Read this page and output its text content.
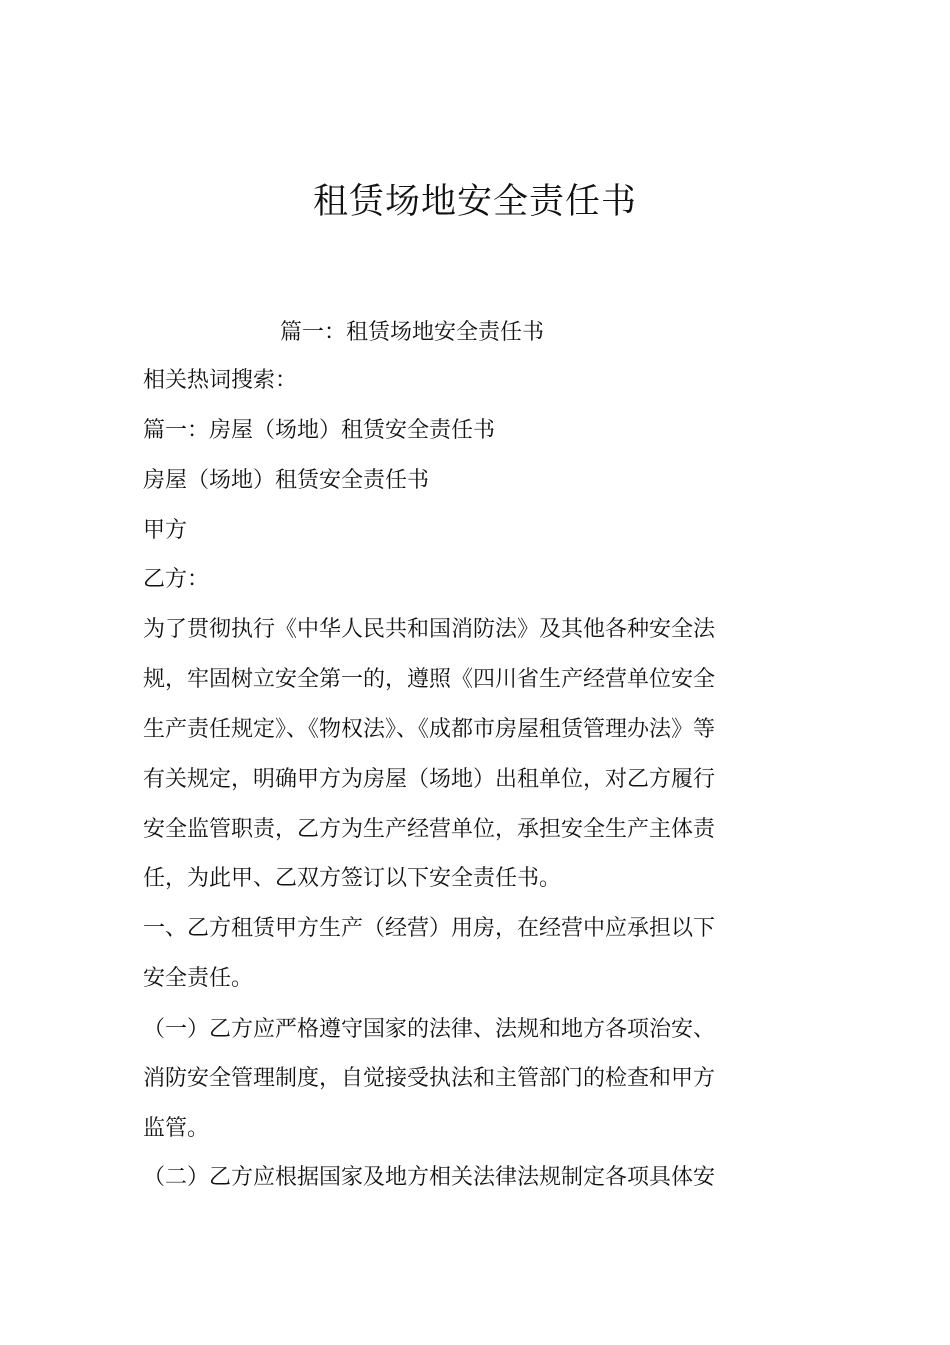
租赁场地安全责任书

篇一：租赁场地安全责任书

相关热词搜索：

篇一：房屋（场地）租赁安全责任书

房屋（场地）租赁安全责任书

甲方

乙方：

为了贯彻执行《中华人民共和国消防法》及其他各种安全法

规，牢固树立安全第一的，遵照《四川省生产经营单位安全

生产责任规定》、《物权法》、《成都市房屋租赁管理办法》等

有关规定，明确甲方为房屋（场地）出租单位，对乙方履行

安全监管职责，乙方为生产经营单位，承担安全生产主体责

任，为此甲、乙双方签订以下安全责任书。

一、乙方租赁甲方生产（经营）用房，在经营中应承担以下

安全责任。

（一）乙方应严格遵守国家的法律、法规和地方各项治安、

消防安全管理制度，自觉接受执法和主管部门的检查和甲方

监管。

（二）乙方应根据国家及地方相关法律法规制定各项具体安
